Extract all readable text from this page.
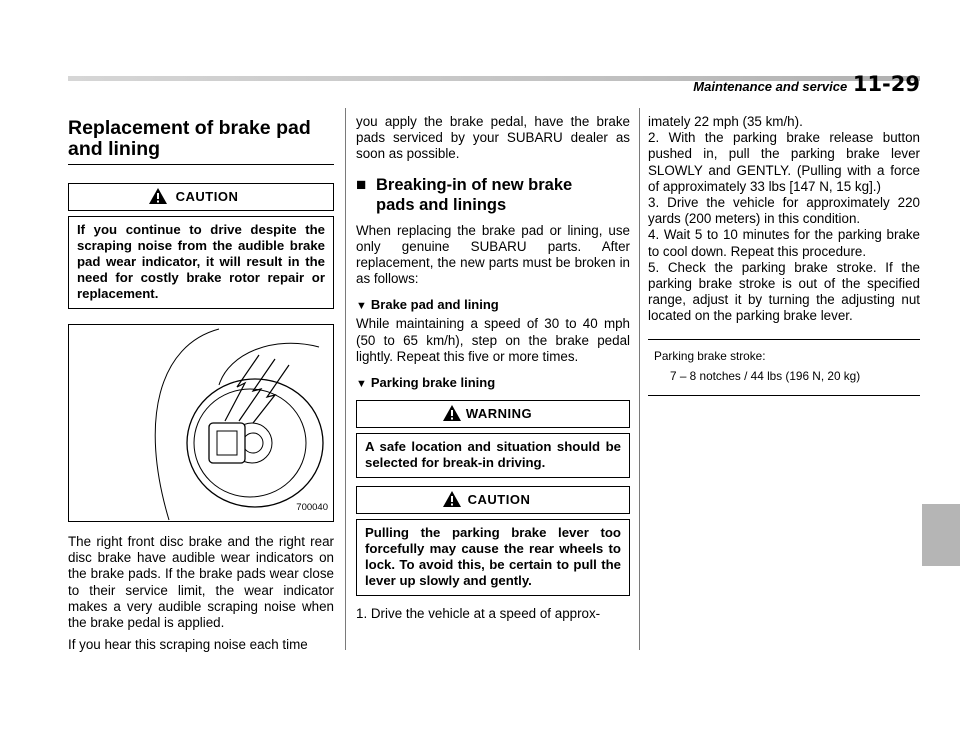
Maintenance and service 11-29
Replacement of brake pad
and lining
CAUTION
If you continue to drive despite the scraping noise from the audible brake pad wear indicator, it will result in the need for costly brake rotor repair or replacement.
700040

The right front disc brake and the right rear disc brake have audible wear indicators on the brake pads. If the brake pads wear close to their service limit, the wear indicator makes a very audible scraping noise when the brake pedal is applied.

If you hear this scraping noise each time

you apply the brake pedal, have the brake pads serviced by your SUBARU dealer as soon as possible.

■ Breaking-in of new brake
pads and linings

When replacing the brake pad or lining, use only genuine SUBARU parts. After replacement, the new parts must be broken in as follows:

▼ Brake pad and lining

While maintaining a speed of 30 to 40 mph (50 to 65 km/h), step on the brake pedal lightly. Repeat this five or more times.

▼ Parking brake lining
WARNING
A safe location and situation should be selected for break-in driving.
CAUTION
Pulling the parking brake lever too forcefully may cause the rear wheels to lock. To avoid this, be certain to pull the lever up slowly and gently.

1. Drive the vehicle at a speed of approx-

imately 22 mph (35 km/h).

2. With the parking brake release button pushed in, pull the parking brake lever SLOWLY and GENTLY. (Pulling with a force of approximately 33 lbs [147 N, 15 kg].)

3. Drive the vehicle for approximately 220 yards (200 meters) in this condition.

4. Wait 5 to 10 minutes for the parking brake to cool down. Repeat this procedure.

5. Check the parking brake stroke. If the parking brake stroke is out of the specified range, adjust it by turning the adjusting nut located on the parking brake lever.

Parking brake stroke:
7 – 8 notches / 44 lbs (196 N, 20 kg)
